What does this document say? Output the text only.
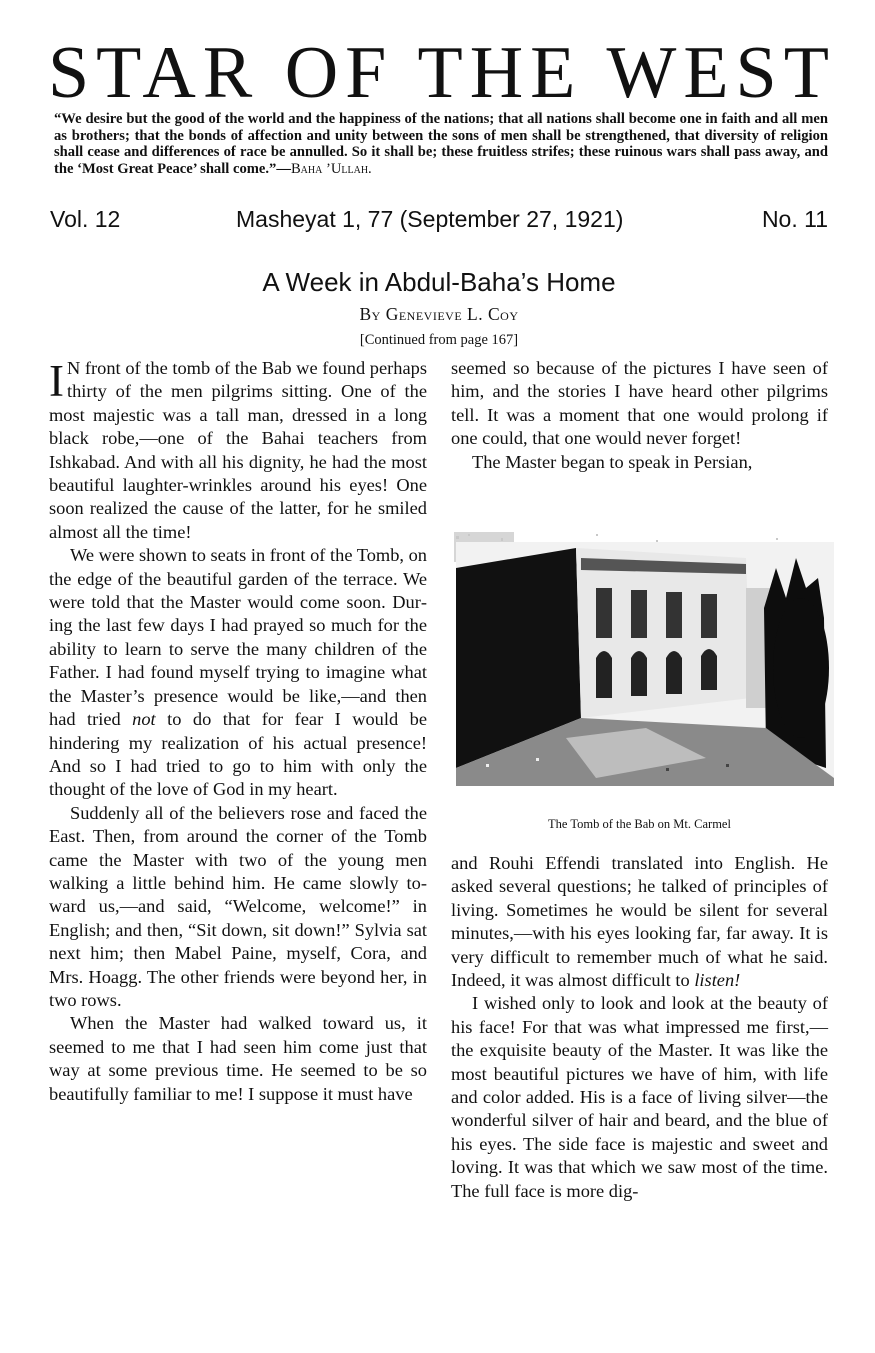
STAR OF THE WEST

“We desire but the good of the world and the happiness of the nations; that all nations shall become one in faith and all men as brothers; that the bonds of affection and unity between the sons of men shall be strengthened, that diversity of religion shall cease and differences of race be annulled. So it shall be; these fruitless strifes; these ruinous wars shall pass away, and the ‘Most Great Peace’ shall come.”—Baha ’Ullah.

Vol. 12	Masheyat 1, 77 (September 27, 1921)	No. 11
A Week in Abdul-Baha’s Home
By Genevieve L. Coy
[Continued from page 167]

I N front of the tomb of the Bab we found perhaps thirty of the men pilgrims sitting. One of the most majestic was a tall man, dressed in a long black robe,—one of the Bahai teachers from Ishkabad. And with all his dignity, he had the most beautiful laughter-wrinkles around his eyes! One soon realized the cause of the latter, for he smiled almost all the time!

We were shown to seats in front of the Tomb, on the edge of the beautiful garden of the terrace. We were told that the Master would come soon. During the last few days I had prayed so much for the ability to learn to serve the many children of the Father. I had found myself trying to imagine what the Master’s presence would be like,—and then had tried not to do that for fear I would be hindering my realization of his actual presence! And so I had tried to go to him with only the thought of the love of God in my heart.

Suddenly all of the believers rose and faced the East. Then, from around the corner of the Tomb came the Master with two of the young men walking a little behind him. He came slowly toward us,—and said, “Welcome, welcome!” in English; and then, “Sit down, sit down!” Sylvia sat next him; then Mabel Paine, myself, Cora, and Mrs. Hoagg. The other friends were beyond her, in two rows.

When the Master had walked toward us, it seemed to me that I had seen him come just that way at some previous time. He seemed to be so beautifully familiar to me! I suppose it must have

seemed so because of the pictures I have seen of him, and the stories I have heard other pilgrims tell. It was a moment that one would prolong if one could, that one would never forget!

The Master began to speak in Persian,

The Tomb of the Bab on Mt. Carmel

and Rouhi Effendi translated into English. He asked several questions; he talked of principles of living. Sometimes he would be silent for several minutes,—with his eyes looking far, far away. It is very difficult to remember much of what he said. Indeed, it was almost difficult to listen!

I wished only to look and look at the beauty of his face! For that was what impressed me first,—the exquisite beauty of the Master. It was like the most beautiful pictures we have of him, with life and color added. His is a face of living silver—the wonderful silver of hair and beard, and the blue of his eyes. The side face is majestic and sweet and loving. It was that which we saw most of the time. The full face is more dig-
